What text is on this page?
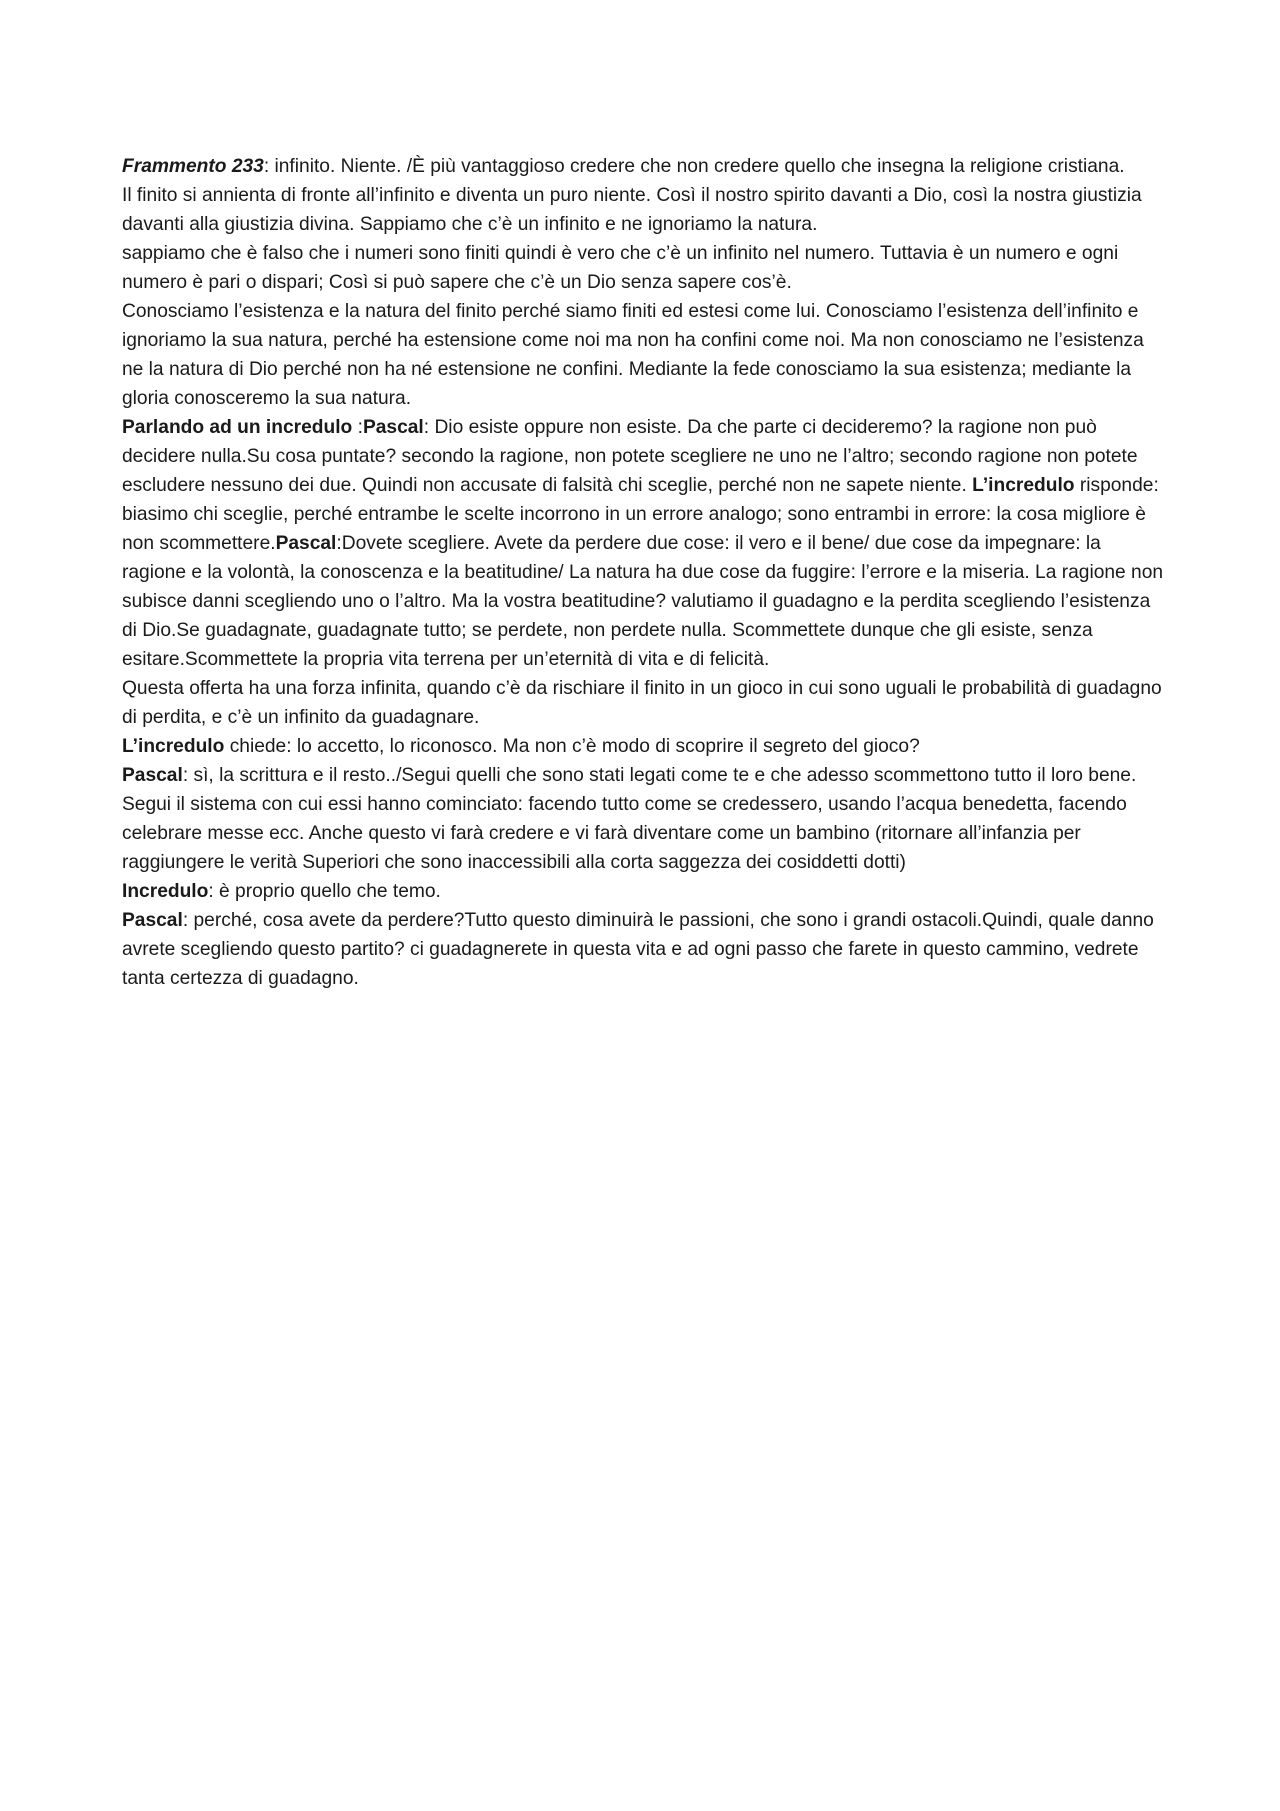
Frammento 233: infinito. Niente. /È più vantaggioso credere che non credere quello che insegna la religione cristiana.

Il finito si annienta di fronte all’infinito e diventa un puro niente. Così il nostro spirito davanti a Dio, così la nostra giustizia davanti alla giustizia divina. Sappiamo che c’è un infinito e ne ignoriamo la natura.

sappiamo che è falso che i numeri sono finiti quindi è vero che c’è un infinito nel numero. Tuttavia è un numero e ogni numero è pari o dispari; Così si può sapere che c’è un Dio senza sapere cos’è.

Conosciamo l’esistenza e la natura del finito perché siamo finiti ed estesi come lui. Conosciamo l’esistenza dell’infinito e ignoriamo la sua natura, perché ha estensione come noi ma non ha confini come noi. Ma non conosciamo ne l’esistenza ne la natura di Dio perché non ha né estensione ne confini. Mediante la fede conosciamo la sua esistenza; mediante la gloria conosceremo la sua natura.

Parlando ad un incredulo :Pascal: Dio esiste oppure non esiste. Da che parte ci decideremo? la ragione non può decidere nulla.Su cosa puntate? secondo la ragione, non potete scegliere ne uno ne l’altro; secondo ragione non potete escludere nessuno dei due. Quindi non accusate di falsità chi sceglie, perché non ne sapete niente. L’incredulo risponde: biasimo chi sceglie, perché entrambe le scelte incorrono in un errore analogo; sono entrambi in errore: la cosa migliore è non scommettere.Pascal:Dovete scegliere. Avete da perdere due cose: il vero e il bene/ due cose da impegnare: la ragione e la volontà, la conoscenza e la beatitudine/ La natura ha due cose da fuggire: l’errore e la miseria. La ragione non subisce danni scegliendo uno o l’altro. Ma la vostra beatitudine? valutiamo il guadagno e la perdita scegliendo l’esistenza di Dio.Se guadagnate, guadagnate tutto; se perdete, non perdete nulla. Scommettete dunque che gli esiste, senza esitare.Scommettete la propria vita terrena per un’eternità di vita e di felicità.

Questa offerta ha una forza infinita, quando c’è da rischiare il finito in un gioco in cui sono uguali le probabilità di guadagno di perdita, e c’è un infinito da guadagnare.

L’incredulo chiede: lo accetto, lo riconosco. Ma non c’è modo di scoprire il segreto del gioco?

Pascal: sì, la scrittura e il resto../Segui quelli che sono stati legati come te e che adesso scommettono tutto il loro bene. Segui il sistema con cui essi hanno cominciato: facendo tutto come se credessero, usando l’acqua benedetta, facendo celebrare messe ecc. Anche questo vi farà credere e vi farà diventare come un bambino (ritornare all’infanzia per raggiungere le verità Superiori che sono inaccessibili alla corta saggezza dei cosiddetti dotti)

Incredulo: è proprio quello che temo.

Pascal: perché, cosa avete da perdere?Tutto questo diminuirà le passioni, che sono i grandi ostacoli.Quindi, quale danno avrete scegliendo questo partito? ci guadagnerete in questa vita e ad ogni passo che farete in questo cammino, vedrete tanta certezza di guadagno.
